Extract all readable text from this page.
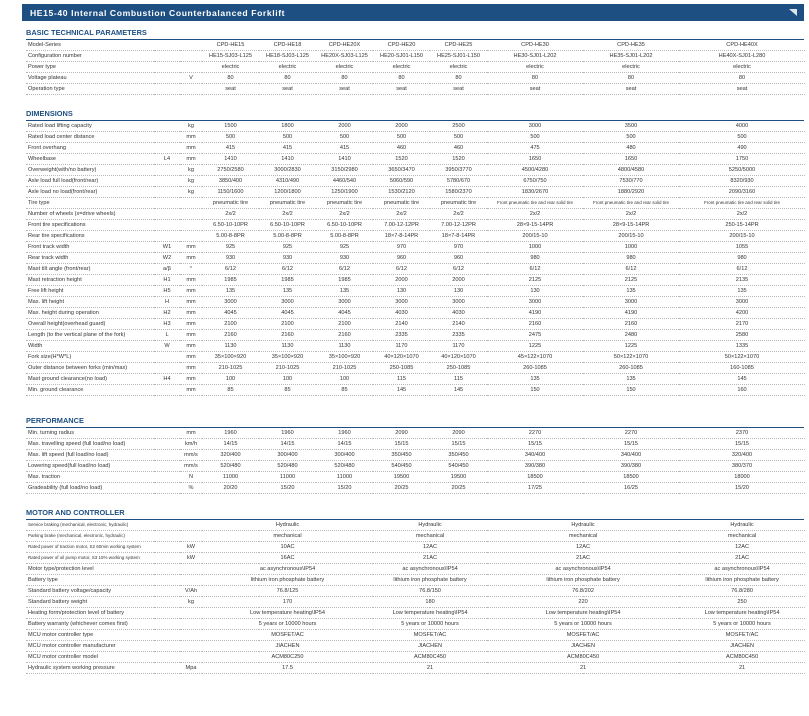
HE15-40 Internal Combustion Counterbalanced Forklift
BASIC TECHNICAL PARAMETERS
Model-Series			CPD-HE15	CPD-HE18	CPD-HE20X	CPD-HE20	CPD-HE25	CPD-HE30	CPD-HE35	CPD-HE40X
Configuration number			HE15-SJ03-L125	HE18-SJ03-L125	HE20X-SJ03-L125	HE20-SJ01-L150	HE25-SJ01-L150	HE30-SJ01-L202	HE35-SJ01-L202	HE40X-SJ01-L280
Power type			electric	electric	electric	electric	electric	electric	electric	electric
Voltage plateau		V	80	80	80	80	80	80	80	80
Operation type			seat	seat	seat	seat	seat	seat	seat	seat
DIMENSIONS
Rated load lifting capacity		kg	1500	1800	2000	2000	2500	3000	3500	4000
Rated load center distance		mm	500	500	500	500	500	500	500	500
Front overhang		mm	415	415	415	460	460	475	480	490
Wheelbase	L4	mm	1410	1410	1410	1520	1520	1650	1650	1750
Overweight(with/no battery)		kg	2750/2580	3000/2830	3150/2980	3650/3470	3950/3770	4500/4280	4800/4580	5250/5000
Axle load full load(front/rear)		kg	3850/400	4310/490	4460/540	5060/590	5780/670	6750/750	7530/770	8320/930
Axle load no load(front/rear)		kg	1150/1600	1200/1800	1250/1900	1530/2120	1580/2370	1830/2670	1880/2920	2090/3160
Tire type			pneumatic tire	pneumatic tire	pneumatic tire	pneumatic tire	pneumatic tire	Front pneumatic tire and rear solid tire	Front pneumatic tire and rear solid tire	Front pneumatic tire and rear solid tire
Number of wheels (x=drive wheels)			2x/2	2x/2	2x/2	2x/2	2x/2	2x/2	2x/2	2x/2
Front tire specifications			6.50-10-10PR	6.50-10-10PR	6.50-10-10PR	7.00-12-12PR	7.00-12-12PR	28×9-15-14PR	28×9-15-14PR	250-15-14PR
Rear tire specifications			5.00-8-8PR	5.00-8-8PR	5.00-8-8PR	18×7-8-14PR	18×7-8-14PR	200/15-10	200/15-10	200/15-10
Front track width	W1	mm	925	925	925	970	970	1000	1000	1055
Rear track width	W2	mm	930	930	930	960	960	980	980	980
Mast tilt angle (front/rear)	a/β	°	6/12	6/12	6/12	6/12	6/12	6/12	6/12	6/12
Mast retraction height	H1	mm	1985	1985	1985	2000	2000	2125	2125	2135
Free lift height	H5	mm	135	135	135	130	130	130	135	135
Max. lift height	H	mm	3000	3000	3000	3000	3000	3000	3000	3000
Max. height during operation	H2	mm	4045	4045	4045	4030	4030	4190	4190	4200
Overall height(overhead guard)	H3	mm	2100	2100	2100	2140	2140	2160	2160	2170
Length (to the vertical plane of the fork)	L	mm	2160	2160	2160	2335	2335	2475	2480	2580
Width	W	mm	1130	1130	1130	1170	1170	1225	1225	1335
Fork size(H*W*L)		mm	35×100×920	35×100×920	35×100×920	40×120×1070	40×120×1070	45×122×1070	50×122×1070	50×122×1070
Outer distance between forks (min/max)		mm	210-1025	210-1025	210-1025	250-1085	250-1085	260-1085	260-1085	160-1085
Mast ground clearance(no load)	H4	mm	100	100	100	115	115	135	135	145
Min. ground clearance		mm	85	85	85	145	145	150	150	160
PERFORMANCE
Min. turning radius		mm	1960	1960	1960	2090	2090	2270	2270	2370
Max. travelling speed (full load/no load)		km/h	14/15	14/15	14/15	15/15	15/15	15/15	15/15	15/15
Max. lift speed (full load/no load)		mm/s	320/400	300/400	300/400	350/450	350/450	340/400	340/400	320/400
Lowering speed(full load/no load)		mm/s	520/480	520/480	520/480	540/450	540/450	390/380	390/380	380/370
Max. traction		N	11000	11000	11000	19500	19500	18500	18500	18000
Gradeability (full load/no load)		%	20/20	15/20	15/20	20/25	20/25	17/25	16/25	15/20
MOTOR AND CONTROLLER
Service braking (mechanical, electronic, hydraulic)			Hydraulic	Hydraulic	Hydraulic	Hydraulic
Parking brake (mechanical, electronic, hydraulic)			mechanical	mechanical	mechanical	mechanical
Rated power of traction motor, S2 60min working system		kW	10AC	12AC	12AC	12AC
Rated power of oil pump motor, S3 15% working system		kW	16AC	21AC	21AC	21AC
Motor type/protection level			ac asynchronous\IP54	ac asynchronous\IP54	ac asynchronous\IP54	ac asynchronous\IP54
Battery type			lithium iron phosphate battery	lithium iron phosphate battery	lithium iron phosphate battery	lithium iron phosphate battery
Standard battery voltage/capacity		V/Ah	76.8/125	76.8/150	76.8/202	76.8/280
Standard battery weight		kg	170	180	220	250
Heating form/protection level of battery			Low temperature heating\IP54	Low temperature heating\IP54	Low temperature heating\IP54	Low temperature heating\IP54
Battery warranty (whichever comes first)			5 years or 10000 hours	5 years or 10000 hours	5 years or 10000 hours	5 years or 10000 hours
MCU motor controller type			MOSFET/AC	MOSFET/AC	MOSFET/AC	MOSFET/AC
MCU motor controller manufacturer			JIACHEN	JIACHEN	JIACHEN	JIACHEN
MCU motor controller model			ACM80C250	ACM80C450	ACM80C450	ACM80C450
Hydraulic system working pressure		Mpa	17.5	21	21	21
